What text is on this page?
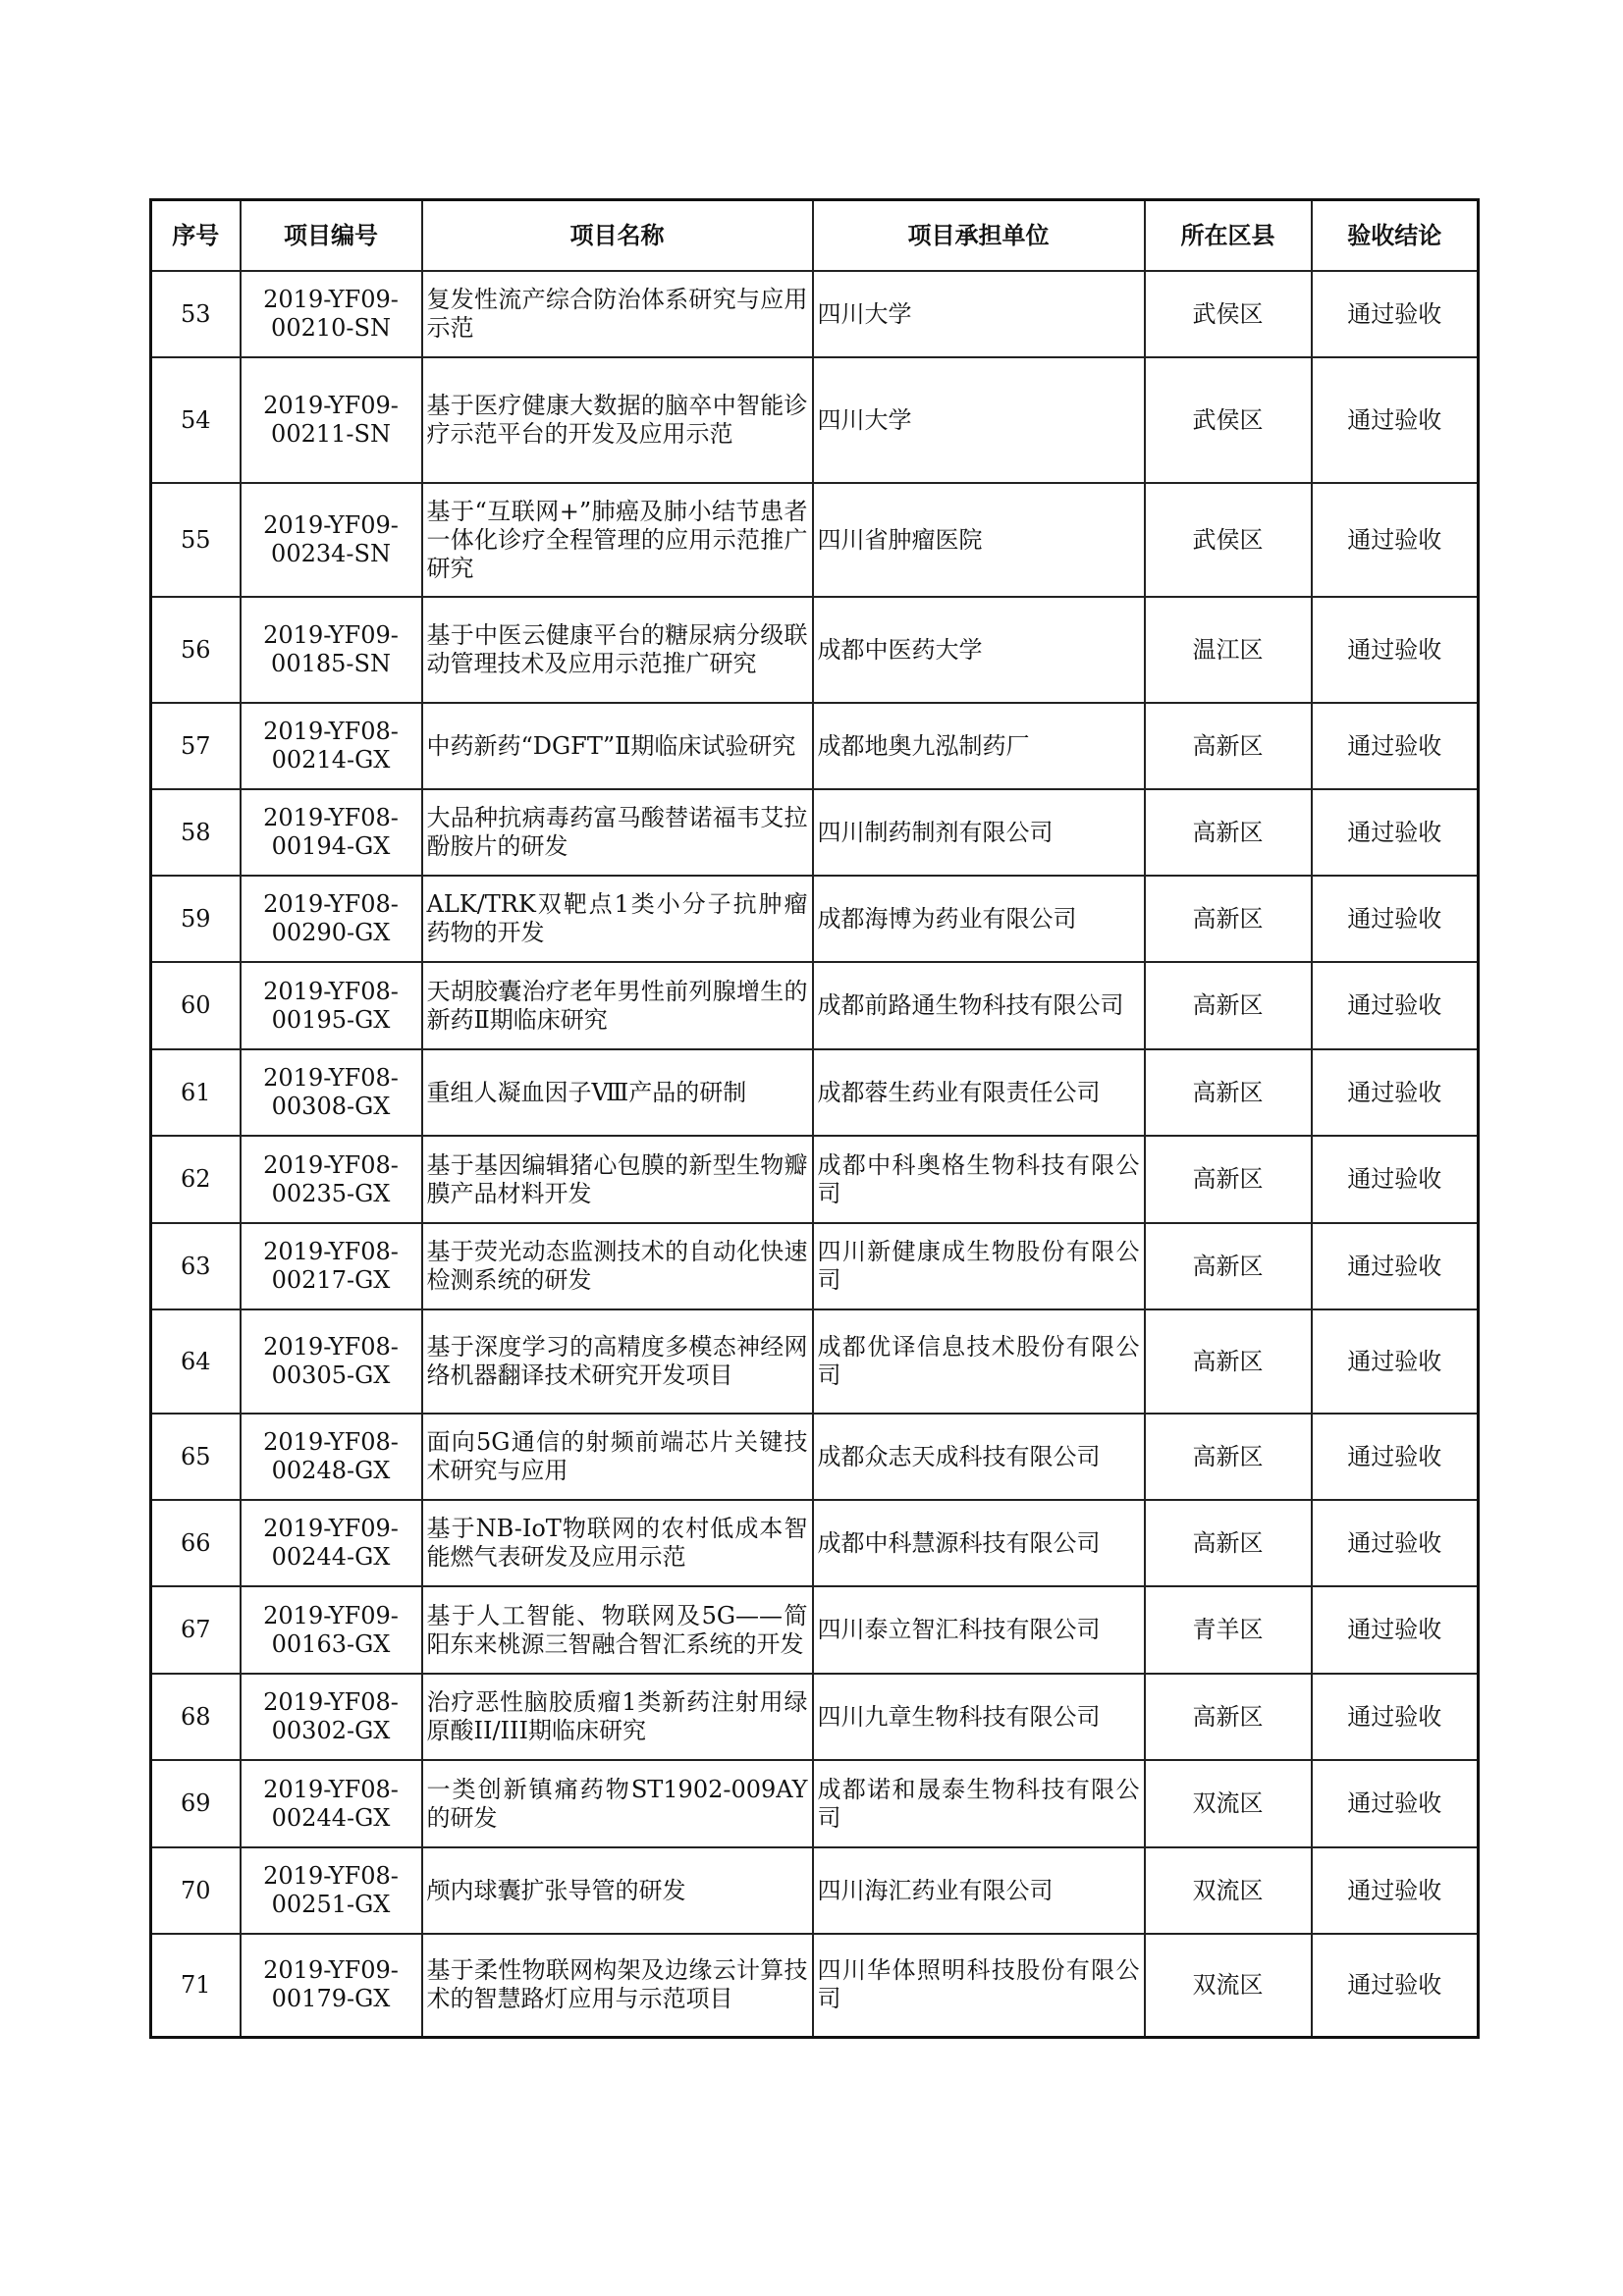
序号	项目编号	项目名称	项目承担单位	所在区县	验收结论
53	2019-YF09-00210-SN	复发性流产综合防治体系研究与应用示范	四川大学	武侯区	通过验收
54	2019-YF09-00211-SN	基于医疗健康大数据的脑卒中智能诊疗示范平台的开发及应用示范	四川大学	武侯区	通过验收
55	2019-YF09-00234-SN	基于“互联网+”肺癌及肺小结节患者一体化诊疗全程管理的应用示范推广研究	四川省肿瘤医院	武侯区	通过验收
56	2019-YF09-00185-SN	基于中医云健康平台的糖尿病分级联动管理技术及应用示范推广研究	成都中医药大学	温江区	通过验收
57	2019-YF08-00214-GX	中药新药“DGFT”Ⅱ期临床试验研究	成都地奥九泓制药厂	高新区	通过验收
58	2019-YF08-00194-GX	大品种抗病毒药富马酸替诺福韦艾拉酚胺片的研发	四川制药制剂有限公司	高新区	通过验收
59	2019-YF08-00290-GX	ALK/TRK双靶点1类小分子抗肿瘤药物的开发	成都海博为药业有限公司	高新区	通过验收
60	2019-YF08-00195-GX	天胡胶囊治疗老年男性前列腺增生的新药Ⅱ期临床研究	成都前路通生物科技有限公司	高新区	通过验收
61	2019-YF08-00308-GX	重组人凝血因子Ⅷ产品的研制	成都蓉生药业有限责任公司	高新区	通过验收
62	2019-YF08-00235-GX	基于基因编辑猪心包膜的新型生物瓣膜产品材料开发	成都中科奥格生物科技有限公司	高新区	通过验收
63	2019-YF08-00217-GX	基于荧光动态监测技术的自动化快速检测系统的研发	四川新健康成生物股份有限公司	高新区	通过验收
64	2019-YF08-00305-GX	基于深度学习的高精度多模态神经网络机器翻译技术研究开发项目	成都优译信息技术股份有限公司	高新区	通过验收
65	2019-YF08-00248-GX	面向5G通信的射频前端芯片关键技术研究与应用	成都众志天成科技有限公司	高新区	通过验收
66	2019-YF09-00244-GX	基于NB-IoT物联网的农村低成本智能燃气表研发及应用示范	成都中科慧源科技有限公司	高新区	通过验收
67	2019-YF09-00163-GX	基于人工智能、物联网及5G——简阳东来桃源三智融合智汇系统的开发	四川泰立智汇科技有限公司	青羊区	通过验收
68	2019-YF08-00302-GX	治疗恶性脑胶质瘤1类新药注射用绿原酸II/III期临床研究	四川九章生物科技有限公司	高新区	通过验收
69	2019-YF08-00244-GX	一类创新镇痛药物ST1902-009AY的研发	成都诺和晟泰生物科技有限公司	双流区	通过验收
70	2019-YF08-00251-GX	颅内球囊扩张导管的研发	四川海汇药业有限公司	双流区	通过验收
71	2019-YF09-00179-GX	基于柔性物联网构架及边缘云计算技术的智慧路灯应用与示范项目	四川华体照明科技股份有限公司	双流区	通过验收
